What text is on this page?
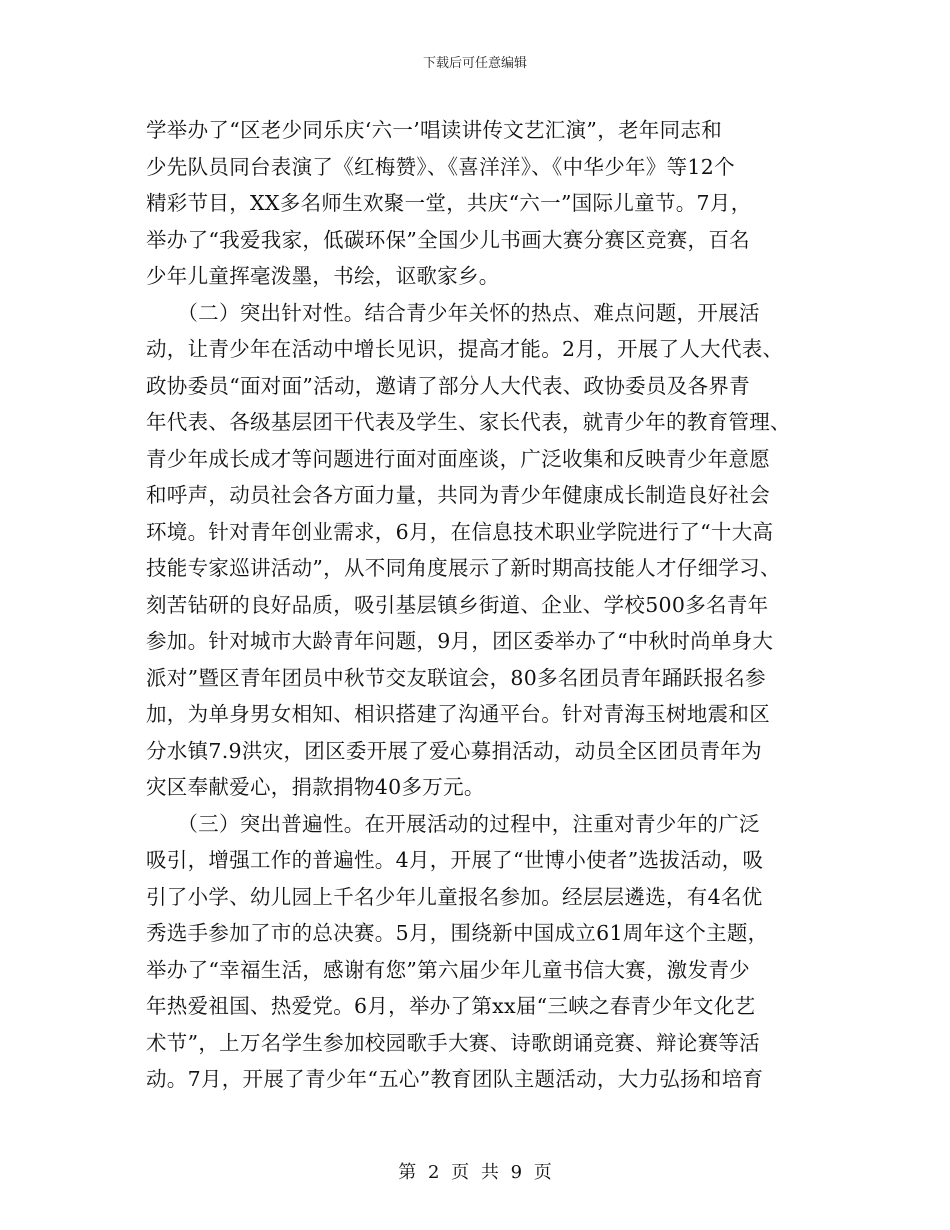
下载后可任意编辑
学举办了“区老少同乐庆‘六一’唱读讲传文艺汇演”，老年同志和
少先队员同台表演了《红梅赞》、《喜洋洋》、《中华少年》等12个
精彩节目，XX多名师生欢聚一堂，共庆“六一”国际儿童节。7月，
举办了“我爱我家，低碳环保”全国少儿书画大赛分赛区竞赛，百名
少年儿童挥毫泼墨，书绘，讴歌家乡。
　　（二）突出针对性。结合青少年关怀的热点、难点问题，开展活
动，让青少年在活动中增长见识，提高才能。2月，开展了人大代表、
政协委员“面对面”活动，邀请了部分人大代表、政协委员及各界青
年代表、各级基层团干代表及学生、家长代表，就青少年的教育管理、
青少年成长成才等问题进行面对面座谈，广泛收集和反映青少年意愿
和呼声，动员社会各方面力量，共同为青少年健康成长制造良好社会
环境。针对青年创业需求，6月，在信息技术职业学院进行了“十大高
技能专家巡讲活动”，从不同角度展示了新时期高技能人才仔细学习、
刻苦钻研的良好品质，吸引基层镇乡街道、企业、学校500多名青年
参加。针对城市大龄青年问题，9月，团区委举办了“中秋时尚单身大
派对”暨区青年团员中秋节交友联谊会，80多名团员青年踊跃报名参
加，为单身男女相知、相识搭建了沟通平台。针对青海玉树地震和区
分水镇7.9洪灾，团区委开展了爱心募捐活动，动员全区团员青年为
灾区奉献爱心，捐款捐物40多万元。
　　（三）突出普遍性。在开展活动的过程中，注重对青少年的广泛
吸引，增强工作的普遍性。4月，开展了“世博小使者”选拔活动，吸
引了小学、幼儿园上千名少年儿童报名参加。经层层遴选，有4名优
秀选手参加了市的总决赛。5月，围绕新中国成立61周年这个主题，
举办了“幸福生活，感谢有您”第六届少年儿童书信大赛，激发青少
年热爱祖国、热爱党。6月，举办了第xx届“三峡之春青少年文化艺
术节”，上万名学生参加校园歌手大赛、诗歌朗诵竞赛、辩论赛等活
动。7月，开展了青少年“五心”教育团队主题活动，大力弘扬和培育
第 2 页 共 9 页
